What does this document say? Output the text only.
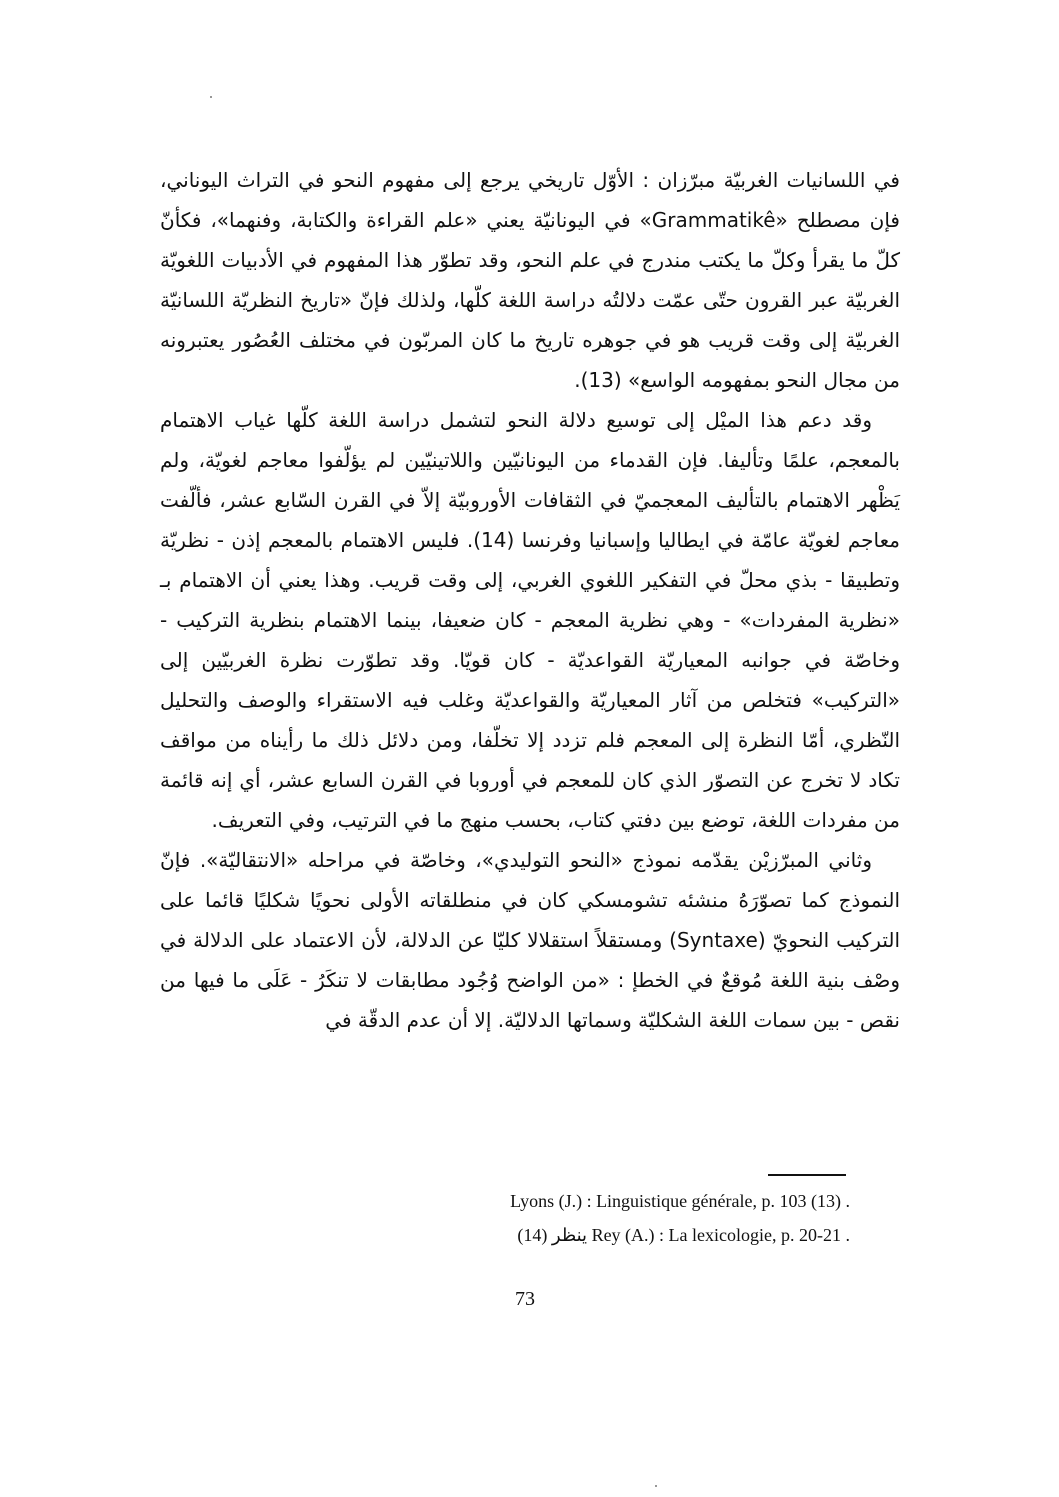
في اللسانيات الغربيّة مبرّزان : الأوّل تاريخي يرجع إلى مفهوم النحو في التراث اليوناني، فإن مصطلح «Grammatikê» في اليونانيّة يعني «علم القراءة والكتابة، وفنهما»، فكأنّ كلّ ما يقرأ وكلّ ما يكتب مندرج في علم النحو، وقد تطوّر هذا المفهوم في الأدبيات اللغويّة الغربيّة عبر القرون حتّى عمّت دلالتُه دراسة اللغة كلّها، ولذلك فإنّ «تاريخ النظريّة اللسانيّة الغربيّة إلى وقت قريب هو في جوهره تاريخ ما كان المربّون في مختلف العُصُور يعتبرونه من مجال النحو بمفهومه الواسع» (13).

وقد دعم هذا الميْل إلى توسيع دلالة النحو لتشمل دراسة اللغة كلّها غياب الاهتمام بالمعجم، علمًا وتأليفا. فإن القدماء من اليونانيّين واللاتينيّين لم يؤلّفوا معاجم لغويّة، ولم يَظْهر الاهتمام بالتأليف المعجميّ في الثقافات الأوروبيّة إلاّ في القرن السّابع عشر، فألّفت معاجم لغويّة عامّة في ايطاليا وإسبانيا وفرنسا (14). فليس الاهتمام بالمعجم إذن - نظريّة وتطبيقا - بذي محلّ في التفكير اللغوي الغربي، إلى وقت قريب. وهذا يعني أن الاهتمام بـ «نظرية المفردات» - وهي نظرية المعجم - كان ضعيفا، بينما الاهتمام بنظرية التركيب - وخاصّة في جوانبه المعياريّة القواعديّة - كان قويّا. وقد تطوّرت نظرة الغربيّين إلى «التركيب» فتخلص من آثار المعياريّة والقواعديّة وغلب فيه الاستقراء والوصف والتحليل النّظري، أمّا النظرة إلى المعجم فلم تزدد إلا تخلّفا، ومن دلائل ذلك ما رأيناه من مواقف تكاد لا تخرج عن التصوّر الذي كان للمعجم في أوروبا في القرن السابع عشر، أي إنه قائمة من مفردات اللغة، توضع بين دفتي كتاب، بحسب منهج ما في الترتيب، وفي التعريف.

وثاني المبرّزيْن يقدّمه نموذج «النحو التوليدي»، وخاصّة في مراحله «الانتقاليّة». فإنّ النموذج كما تصوّرَهُ منشئه تشومسكي كان في منطلقاته الأولى نحويًا شكليًا قائما على التركيب النحويّ (Syntaxe) ومستقلاً استقلالا كليّا عن الدلالة، لأن الاعتماد على الدلالة في وصْف بنية اللغة مُوقعٌ في الخطإ : «من الواضح وُجُود مطابقات لا تنكَرُ - عَلَى ما فيها من نقص - بين سمات اللغة الشكليّة وسماتها الدلاليّة. إلا أن عدم الدقّة في

. Lyons (J.) : Linguistique générale, p. 103 (13)
. Rey (A.) : La lexicologie, p. 20-21 ينظر (14)
73
